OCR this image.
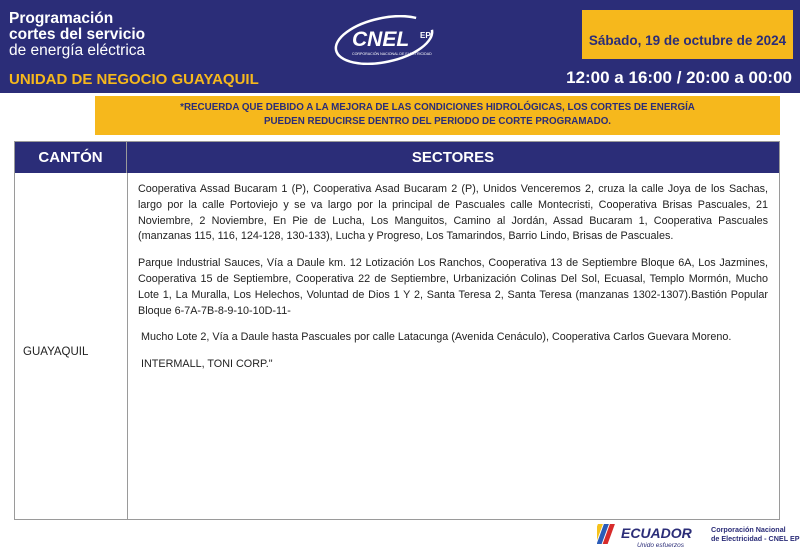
Programación
cortes del servicio
de energía eléctrica
UNIDAD DE NEGOCIO GUAYAQUIL
CNEL EP
CORPORACIÓN NACIONAL DE ELECTRICIDAD
Sábado, 19 de octubre de 2024
12:00 a 16:00 / 20:00 a 00:00
*RECUERDA QUE DEBIDO A LA MEJORA DE LAS CONDICIONES HIDROLÓGICAS, LOS CORTES DE ENERGÍA
PUEDEN REDUCIRSE DENTRO DEL PERIODO DE CORTE PROGRAMADO.
CANTÓN	SECTORES
GUAYAQUIL

Cooperativa Assad Bucaram 1 (P), Cooperativa Asad Bucaram 2 (P), Unidos Venceremos 2, cruza la calle Joya de los Sachas, largo por la calle Portoviejo y se va largo por la principal de Pascuales calle Montecristi, Cooperativa Brisas Pascuales, 21 Noviembre, 2 Noviembre, En Pie de Lucha, Los Manguitos, Camino al Jordán, Assad Bucaram 1, Cooperativa Pascuales (manzanas 115, 116, 124-128, 130-133), Lucha y Progreso, Los Tamarindos, Barrio Lindo, Brisas de Pascuales.

Parque Industrial Sauces, Vía a Daule km. 12 Lotización Los Ranchos, Cooperativa 13 de Septiembre Bloque 6A, Los Jazmines, Cooperativa 15 de Septiembre, Cooperativa 22 de Septiembre, Urbanización Colinas Del Sol, Ecuasal, Templo Mormón, Mucho Lote 1, La Muralla, Los Helechos, Voluntad de Dios 1 Y 2, Santa Teresa 2, Santa Teresa (manzanas 1302-1307).Bastión Popular Bloque 6-7A-7B-8-9-10-10D-11-

Mucho Lote 2, Vía a Daule hasta Pascuales por calle Latacunga (Avenida Cenáculo), Cooperativa Carlos Guevara Moreno.

INTERMALL, TONI CORP."

ECUADOR
Unido esfuerzos
Corporación Nacional
de Electricidad - CNEL EP
